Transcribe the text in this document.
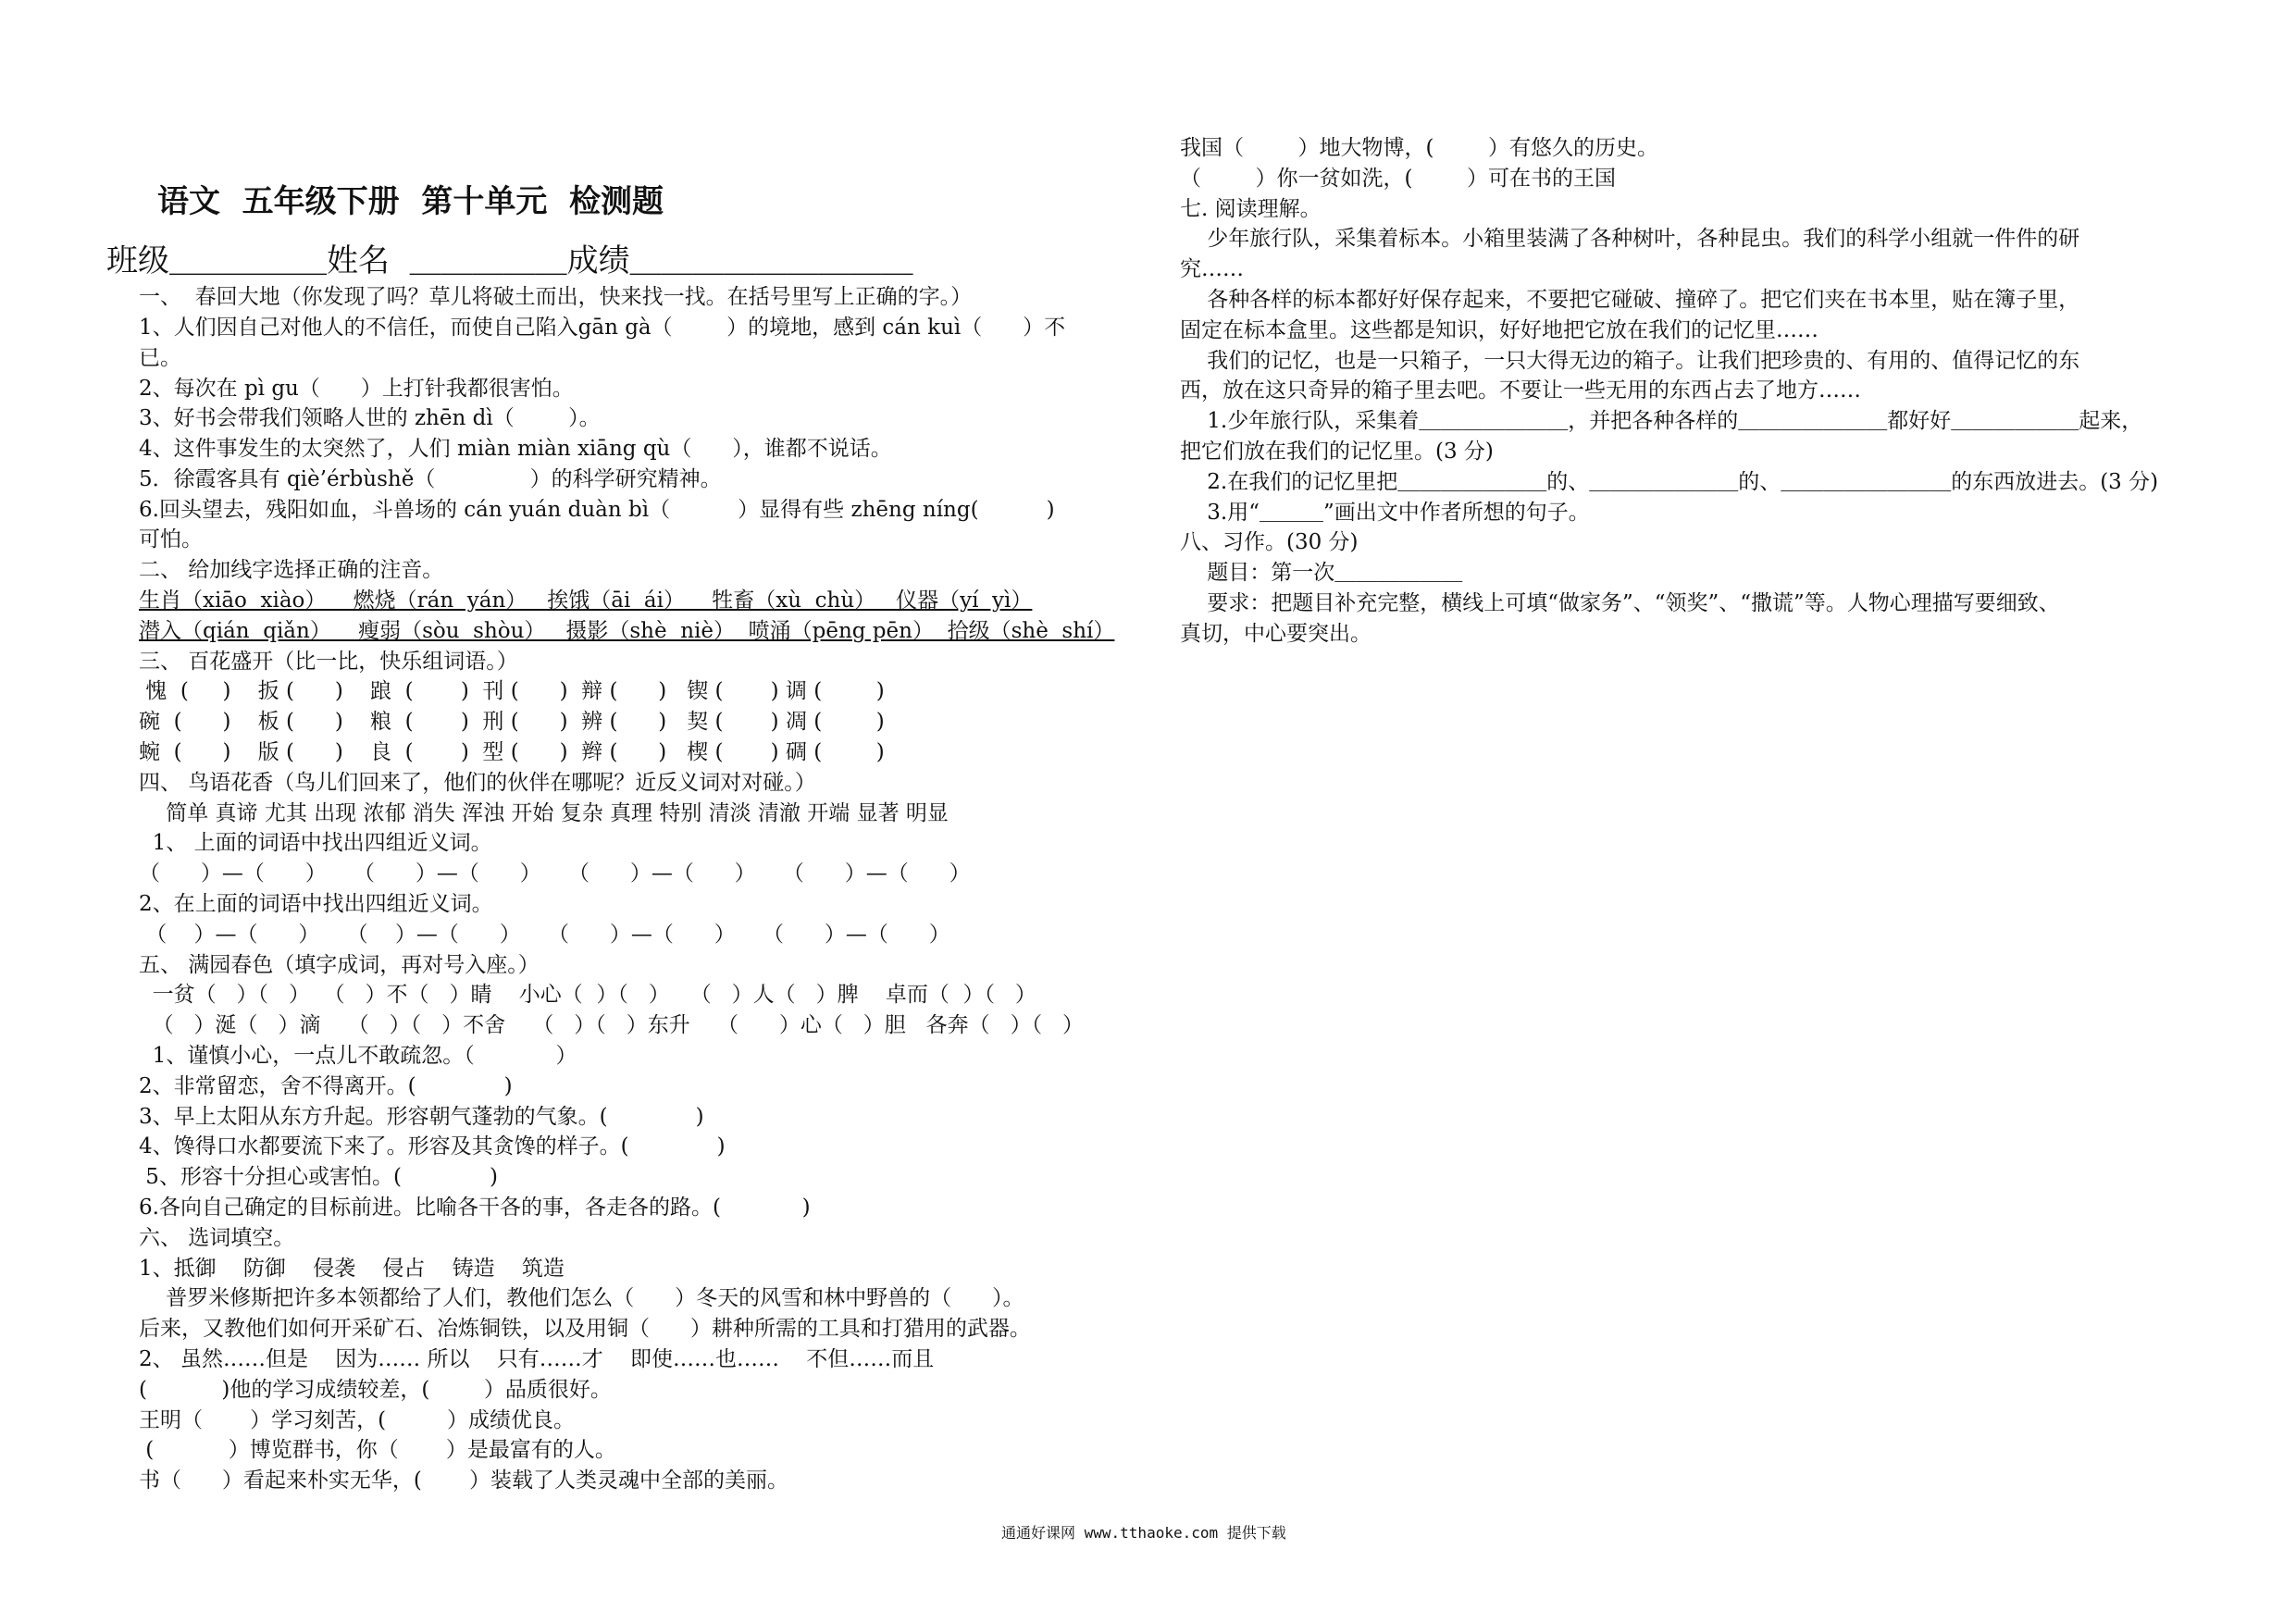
语文  五年级下册  第十单元  检测题
班级＿＿＿＿＿姓名  ＿＿＿＿＿成绩＿＿＿＿＿＿＿＿＿
一、  春回大地（你发现了吗？草儿将破土而出，快来找一找。在括号里写上正确的字。）
1、人们因自己对他人的不信任，而使自己陷入gān gà（        ）的境地，感到 cán kuì（      ）不
已。
2、每次在 pì gu（      ）上打针我都很害怕。
3、好书会带我们领略人世的 zhēn dì（        ）。
4、这件事发生的太突然了，人们 miàn miàn xiāng qù（      ），谁都不说话。
5．徐霞客具有 qiè’érbùshě（              ）的科学研究精神。
6.回头望去，残阳如血，斗兽场的 cán yuán duàn bì（          ）显得有些 zhēng níng(          )
可怕。
二、 给加线字选择正确的注音。
生肖（xiāo  xiào）    燃烧（rán  yán）   挨饿（āi  ái）    牲畜（xù  chù）   仪器（yí  yì）
潜入（qián  qiǎn）    瘦弱（sòu  shòu）   摄影（shè  niè）  喷涌（pēng pēn）  拾级（shè  shí）
三、 百花盛开（比一比，快乐组词语。）
愧  (     )    扳 (      )    踉  (       )  刊 (      )  辩 (      )   锲 (       ) 调 (        )
碗  (      )    板 (      )    粮  (       )  刑 (      )  辨 (      )   契 (       ) 凋 (        )
蜿  (      )    版 (      )    良  (       )  型 (      )  辫 (      )   楔 (       ) 碉 (        )
四、 鸟语花香（鸟儿们回来了，他们的伙伴在哪呢？近反义词对对碰。）
简单 真谛 尤其 出现 浓郁 消失 浑浊 开始 复杂 真理 特别 清淡 清澈 开端 显著 明显
1、 上面的词语中找出四组近义词。
（      ）—（      ）    （      ）—（      ）    （      ）—（      ）    （      ）—（      ）
2、在上面的词语中找出四组近义词。
（    ）—（      ）    （    ）—（      ）    （      ）—（      ）    （      ）—（      ）
五、 满园春色（填字成词，再对号入座。）
一贫（   ）（   ）  （   ）不（   ）睛    小心（  ）（   ）   （   ）人（   ）脾    卓而（  ）（   ）
（   ）涎（   ）滴    （   ）（   ）不舍    （   ）（   ）东升    （      ）心（   ）胆   各奔（   ）（   ）
1、谨慎小心，一点儿不敢疏忽。（            ）
2、非常留恋，舍不得离开。(             )
3、早上太阳从东方升起。形容朝气蓬勃的气象。(             )
4、馋得口水都要流下来了。形容及其贪馋的样子。(             )
5、形容十分担心或害怕。(             )
6.各向自己确定的目标前进。比喻各干各的事，各走各的路。(            )
六、 选词填空。
1、抵御    防御    侵袭    侵占    铸造    筑造
普罗米修斯把许多本领都给了人们，教他们怎么（      ）冬天的风雪和林中野兽的（      ）。
后来，又教他们如何开采矿石、冶炼铜铁，以及用铜（      ）耕种所需的工具和打猎用的武器。
2、 虽然……但是    因为…… 所以    只有……才    即使……也……    不但……而且
(           )他的学习成绩较差，(        ）品质很好。
王明（       ）学习刻苦，(         ）成绩优良。
(           ）博览群书，你（       ）是最富有的人。
书（      ）看起来朴实无华，(       ）装载了人类灵魂中全部的美丽。
我国（        ）地大物博，(        ）有悠久的历史。
（        ）你一贫如洗，(        ）可在书的王国
七. 阅读理解。
少年旅行队，采集着标本。小箱里装满了各种树叶，各种昆虫。我们的科学小组就一件件的研
究……
各种各样的标本都好好保存起来，不要把它碰破、撞碎了。把它们夹在书本里，贴在簿子里，
固定在标本盒里。这些都是知识，好好地把它放在我们的记忆里……
我们的记忆，也是一只箱子，一只大得无边的箱子。让我们把珍贵的、有用的、值得记忆的东
西，放在这只奇异的箱子里去吧。不要让一些无用的东西占去了地方……
1.少年旅行队，采集着＿＿＿＿＿＿＿，并把各种各样的＿＿＿＿＿＿＿都好好＿＿＿＿＿＿起来，
把它们放在我们的记忆里。(3 分)
2.在我们的记忆里把＿＿＿＿＿＿＿的、＿＿＿＿＿＿＿的、＿＿＿＿＿＿＿＿的东西放进去。(3 分)
3.用“＿＿＿”画出文中作者所想的句子。
八、习作。(30 分)
题目：第一次＿＿＿＿＿＿
要求：把题目补充完整，横线上可填“做家务”、“领奖”、“撒谎”等。人物心理描写要细致、
真切，中心要突出。
通通好课网 www.tthaoke.com 提供下载
